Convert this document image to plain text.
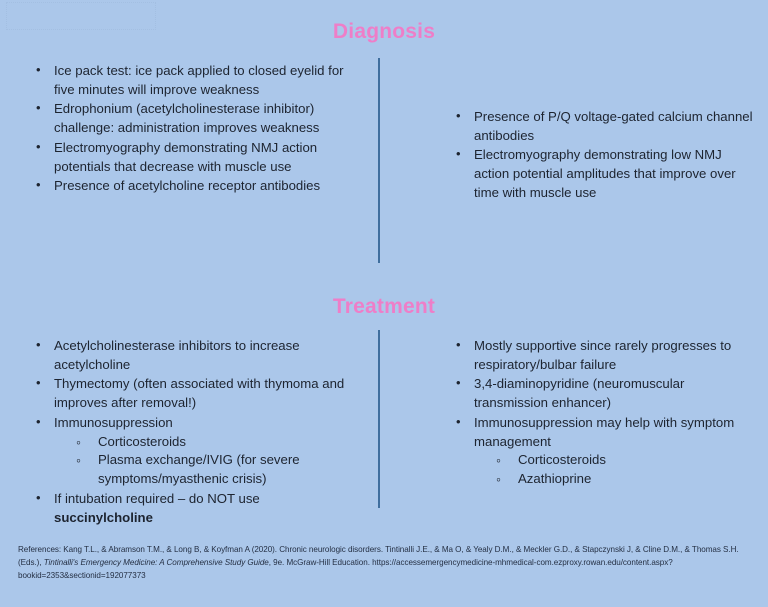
Diagnosis
• Ice pack test: ice pack applied to closed eyelid for five minutes will improve weakness
• Edrophonium (acetylcholinesterase inhibitor) challenge: administration improves weakness
• Electromyography demonstrating NMJ action potentials that decrease with muscle use
• Presence of acetylcholine receptor antibodies
• Presence of P/Q voltage-gated calcium channel antibodies
• Electromyography demonstrating low NMJ action potential amplitudes that improve over time with muscle use
Treatment
• Acetylcholinesterase inhibitors to increase acetylcholine
• Thymectomy (often associated with thymoma and improves after removal!)
• Immunosuppression
◦ Corticosteroids
◦ Plasma exchange/IVIG (for severe symptoms/myasthenic crisis)
• If intubation required – do NOT use succinylcholine
• Mostly supportive since rarely progresses to respiratory/bulbar failure
• 3,4-diaminopyridine (neuromuscular transmission enhancer)
• Immunosuppression may help with symptom management
◦ Corticosteroids
◦ Azathioprine
References: Kang T.L., & Abramson T.M., & Long B, & Koyfman A (2020). Chronic neurologic disorders. Tintinalli J.E., & Ma O, & Yealy D.M., & Meckler G.D., & Stapczynski J, & Cline D.M., & Thomas S.H.(Eds.), Tintinalli's Emergency Medicine: A Comprehensive Study Guide, 9e. McGraw-Hill Education. https://accessemergencymedicine-mhmedical-com.ezproxy.rowan.edu/content.aspx?bookid=2353&sectionid=192077373
